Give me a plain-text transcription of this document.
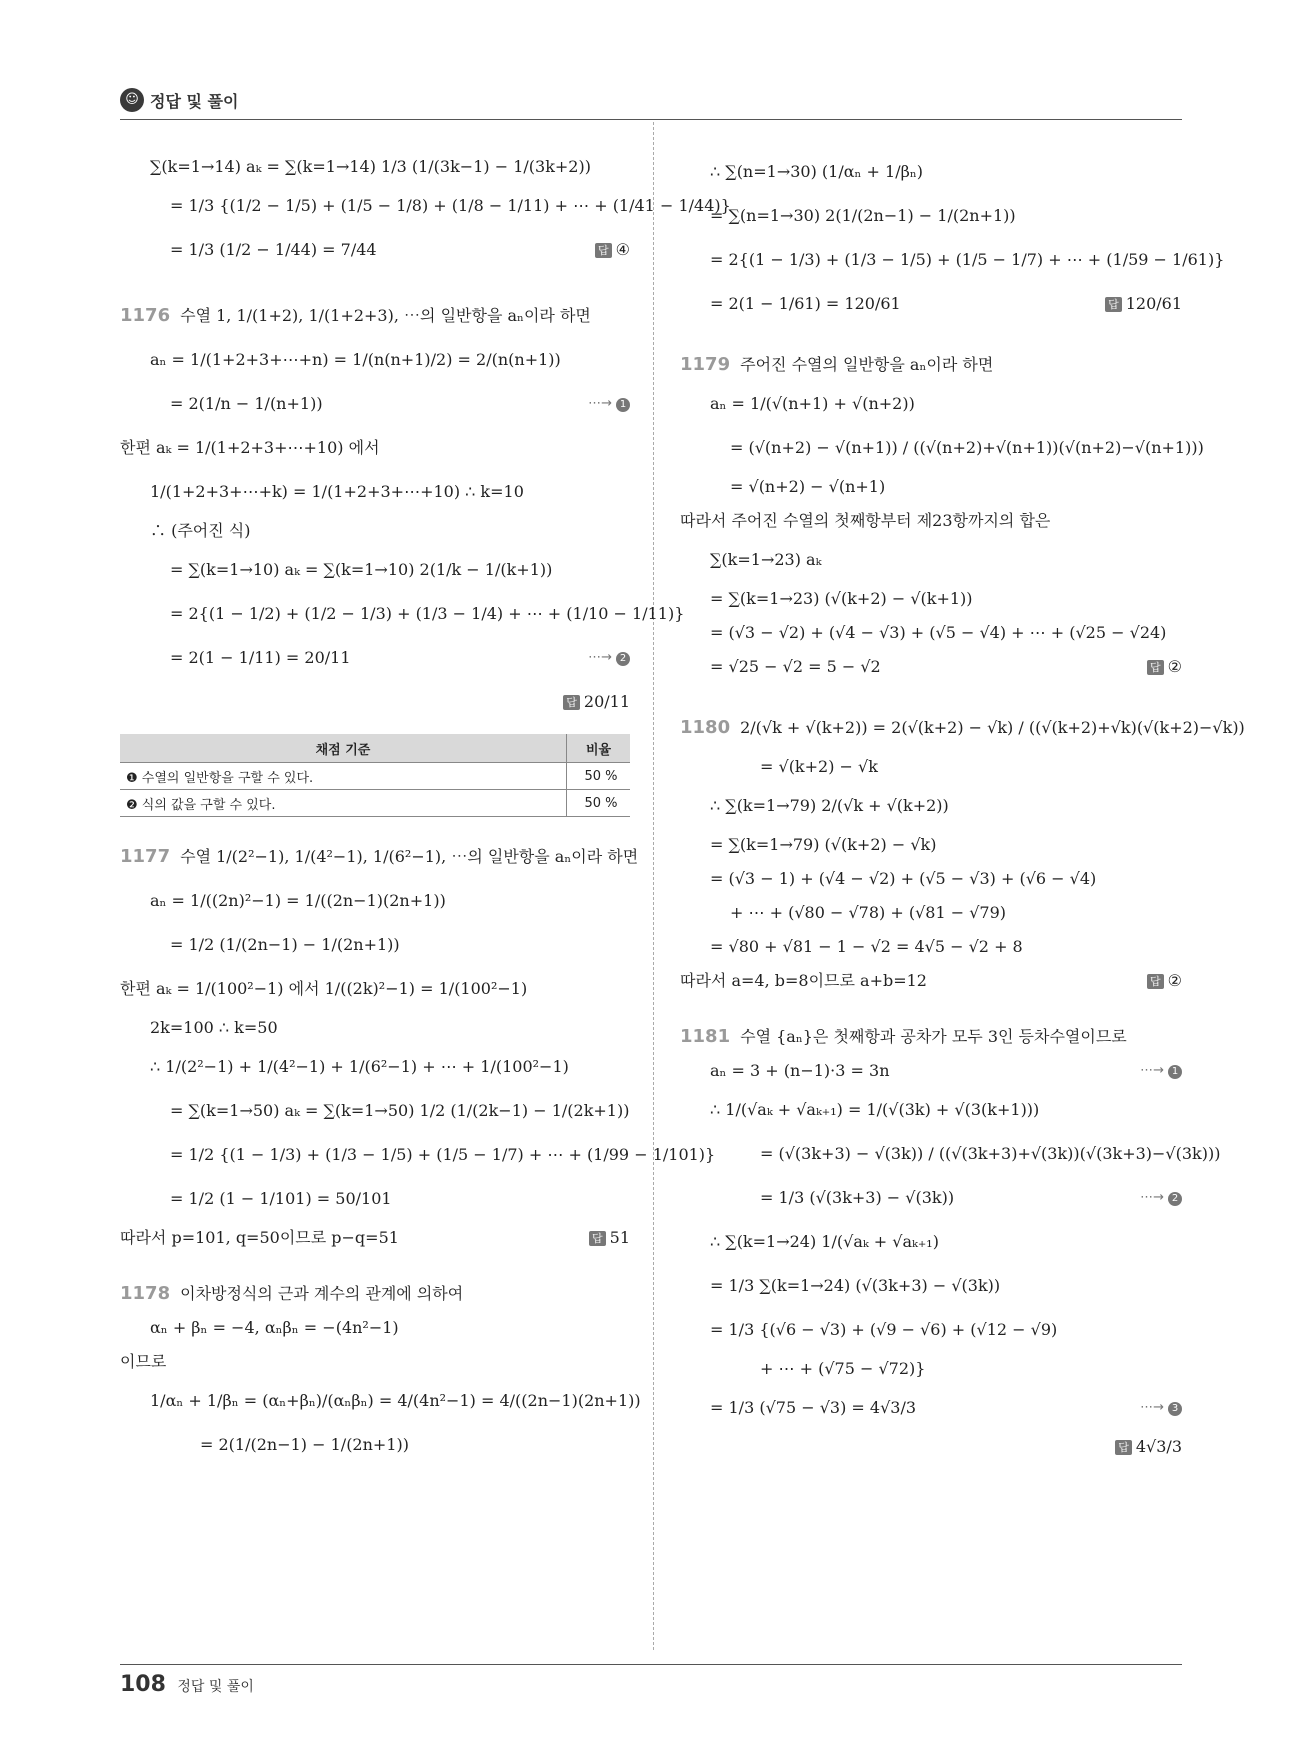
☺ 정답 및 풀이
∑(k=1→14) aₖ = ∑(k=1→14) 1/3 (1/(3k−1) − 1/(3k+2))
= 1/3 {(1/2 − 1/5) + (1/5 − 1/8) + (1/8 − 1/11) + ⋯ + (1/41 − 1/44)}
= 1/3 (1/2 − 1/44) = 7/44	답 ④
1176 수열 1, 1/(1+2), 1/(1+2+3), ⋯의 일반항을 aₙ이라 하면
aₙ = 1/(1+2+3+⋯+n) = 1/(n(n+1)/2) = 2/(n(n+1))
= 2(1/n − 1/(n+1))	⋯→ 1
한편 aₖ = 1/(1+2+3+⋯+10) 에서
1/(1+2+3+⋯+k) = 1/(1+2+3+⋯+10) ∴ k=10
∴ (주어진 식)
= ∑(k=1→10) aₖ = ∑(k=1→10) 2(1/k − 1/(k+1))
= 2{(1 − 1/2) + (1/2 − 1/3) + (1/3 − 1/4) + ⋯ + (1/10 − 1/11)}
= 2(1 − 1/11) = 20/11	⋯→ 2
답 20/11
채점 기준	비율
❶ 수열의 일반항을 구할 수 있다.	50 %
❷ 식의 값을 구할 수 있다.	50 %
1177 수열 1/(2²−1), 1/(4²−1), 1/(6²−1), ⋯의 일반항을 aₙ이라 하면
aₙ = 1/((2n)²−1) = 1/((2n−1)(2n+1))
= 1/2 (1/(2n−1) − 1/(2n+1))
한편 aₖ = 1/(100²−1) 에서 1/((2k)²−1) = 1/(100²−1)
2k=100 ∴ k=50
∴ 1/(2²−1) + 1/(4²−1) + 1/(6²−1) + ⋯ + 1/(100²−1)
= ∑(k=1→50) aₖ = ∑(k=1→50) 1/2 (1/(2k−1) − 1/(2k+1))
= 1/2 {(1 − 1/3) + (1/3 − 1/5) + (1/5 − 1/7) + ⋯ + (1/99 − 1/101)}
= 1/2 (1 − 1/101) = 50/101
따라서 p=101, q=50이므로 p−q=51	답 51
1178 이차방정식의 근과 계수의 관계에 의하여
αₙ + βₙ = −4, αₙβₙ = −(4n²−1)
이므로
1/αₙ + 1/βₙ = (αₙ+βₙ)/(αₙβₙ) = 4/(4n²−1) = 4/((2n−1)(2n+1))
= 2(1/(2n−1) − 1/(2n+1))
∴ ∑(n=1→30) (1/αₙ + 1/βₙ)
= ∑(n=1→30) 2(1/(2n−1) − 1/(2n+1))
= 2{(1 − 1/3) + (1/3 − 1/5) + (1/5 − 1/7) + ⋯ + (1/59 − 1/61)}
= 2(1 − 1/61) = 120/61	답 120/61
1179 주어진 수열의 일반항을 aₙ이라 하면
aₙ = 1/(√(n+1) + √(n+2))
= (√(n+2) − √(n+1)) / ((√(n+2)+√(n+1))(√(n+2)−√(n+1)))
= √(n+2) − √(n+1)
따라서 주어진 수열의 첫째항부터 제23항까지의 합은
∑(k=1→23) aₖ
= ∑(k=1→23) (√(k+2) − √(k+1))
= (√3 − √2) + (√4 − √3) + (√5 − √4) + ⋯ + (√25 − √24)
= √25 − √2 = 5 − √2	답 ②
1180 2/(√k + √(k+2)) = 2(√(k+2) − √k) / ((√(k+2)+√k)(√(k+2)−√k))
= √(k+2) − √k
∴ ∑(k=1→79) 2/(√k + √(k+2))
= ∑(k=1→79) (√(k+2) − √k)
= (√3 − 1) + (√4 − √2) + (√5 − √3) + (√6 − √4)
+ ⋯ + (√80 − √78) + (√81 − √79)
= √80 + √81 − 1 − √2 = 4√5 − √2 + 8
따라서 a=4, b=8이므로 a+b=12	답 ②
1181 수열 {aₙ}은 첫째항과 공차가 모두 3인 등차수열이므로
aₙ = 3 + (n−1)·3 = 3n	⋯→ 1
∴ 1/(√aₖ + √aₖ₊₁) = 1/(√(3k) + √(3(k+1)))
= (√(3k+3) − √(3k)) / ((√(3k+3)+√(3k))(√(3k+3)−√(3k)))
= 1/3 (√(3k+3) − √(3k))	⋯→ 2
∴ ∑(k=1→24) 1/(√aₖ + √aₖ₊₁)
= 1/3 ∑(k=1→24) (√(3k+3) − √(3k))
= 1/3 {(√6 − √3) + (√9 − √6) + (√12 − √9)
+ ⋯ + (√75 − √72)}
= 1/3 (√75 − √3) = 4√3/3	⋯→ 3
답 4√3/3
108 정답 및 풀이
